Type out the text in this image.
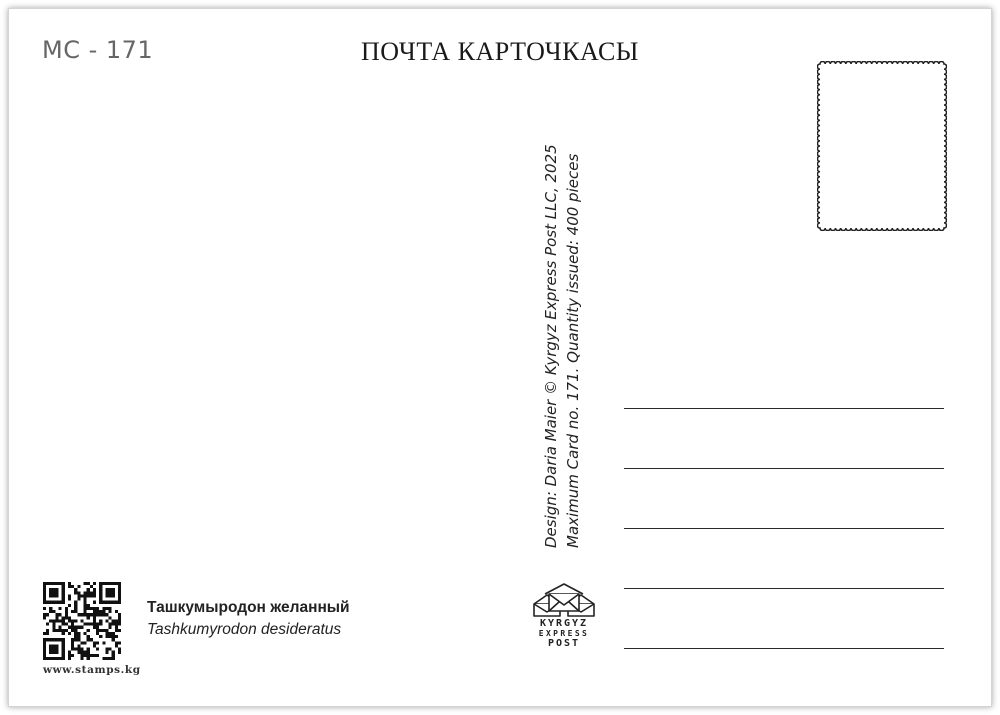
MC - 171	ПОЧТА КАРТОЧКАСЫ
Design: Daria Maier © Kyrgyz Express Post LLC, 2025 Maximum Card no. 171. Quantity issued: 400 pieces
www.stamps.kg
Ташкумыродон желанный
Tashkumyrodon desideratus	KYRGYZ
EXPRESS
POST
